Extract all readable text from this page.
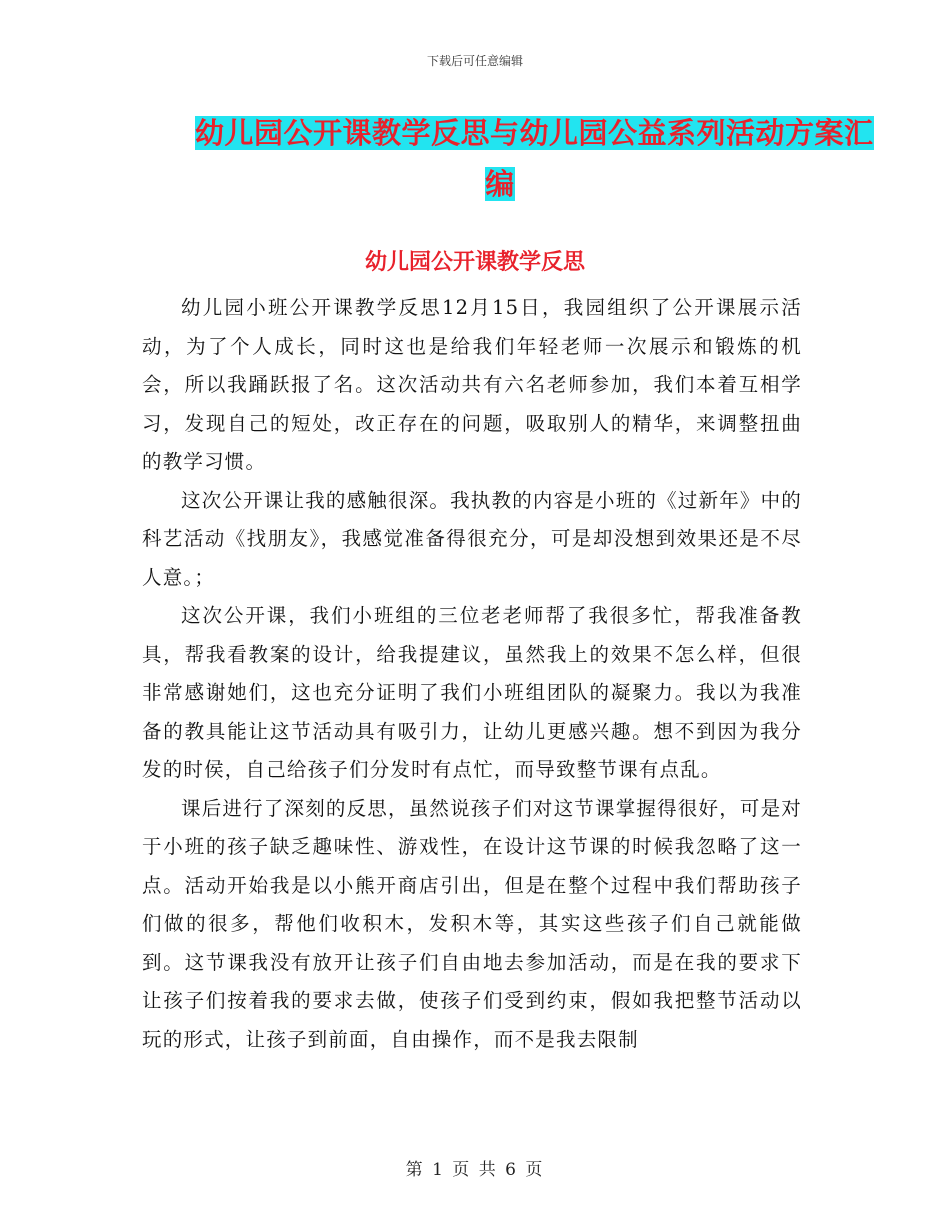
下载后可任意编辑
幼儿园公开课教学反思与幼儿园公益系列活动方案汇
编
幼儿园公开课教学反思

幼儿园小班公开课教学反思12月15日，我园组织了公开课展示活动，为了个人成长，同时这也是给我们年轻老师一次展示和锻炼的机会，所以我踊跃报了名。这次活动共有六名老师参加，我们本着互相学习，发现自己的短处，改正存在的问题，吸取别人的精华，来调整扭曲的教学习惯。

这次公开课让我的感触很深。我执教的内容是小班的《过新年》中的科艺活动《找朋友》，我感觉准备得很充分，可是却没想到效果还是不尽人意。；

这次公开课，我们小班组的三位老老师帮了我很多忙，帮我准备教具，帮我看教案的设计，给我提建议，虽然我上的效果不怎么样，但很非常感谢她们，这也充分证明了我们小班组团队的凝聚力。我以为我准备的教具能让这节活动具有吸引力，让幼儿更感兴趣。想不到因为我分发的时侯，自己给孩子们分发时有点忙，而导致整节课有点乱。

课后进行了深刻的反思，虽然说孩子们对这节课掌握得很好，可是对于小班的孩子缺乏趣味性、游戏性，在设计这节课的时候我忽略了这一点。活动开始我是以小熊开商店引出，但是在整个过程中我们帮助孩子们做的很多，帮他们收积木，发积木等，其实这些孩子们自己就能做到。这节课我没有放开让孩子们自由地去参加活动，而是在我的要求下让孩子们按着我的要求去做，使孩子们受到约束，假如我把整节活动以玩的形式，让孩子到前面，自由操作，而不是我去限制

第 1 页 共 6 页
